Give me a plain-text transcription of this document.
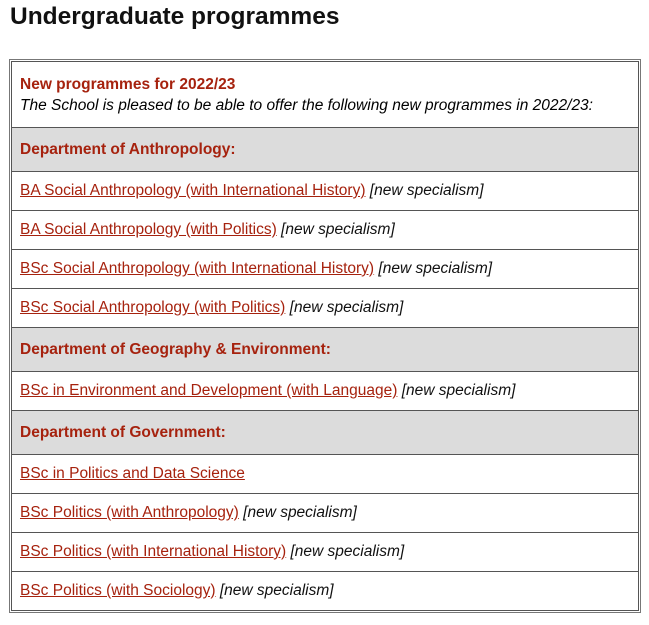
Undergraduate programmes
New programmes for 2022/23
The School is pleased to be able to offer the following new programmes in 2022/23:

Department of Anthropology:
BA Social Anthropology (with International History) [new specialism]
BA Social Anthropology (with Politics) [new specialism]
BSc Social Anthropology (with International History) [new specialism]
BSc Social Anthropology (with Politics) [new specialism]
Department of Geography & Environment:
BSc in Environment and Development (with Language) [new specialism]
Department of Government:
BSc in Politics and Data Science
BSc Politics (with Anthropology) [new specialism]
BSc Politics (with International History) [new specialism]
BSc Politics (with Sociology) [new specialism]
